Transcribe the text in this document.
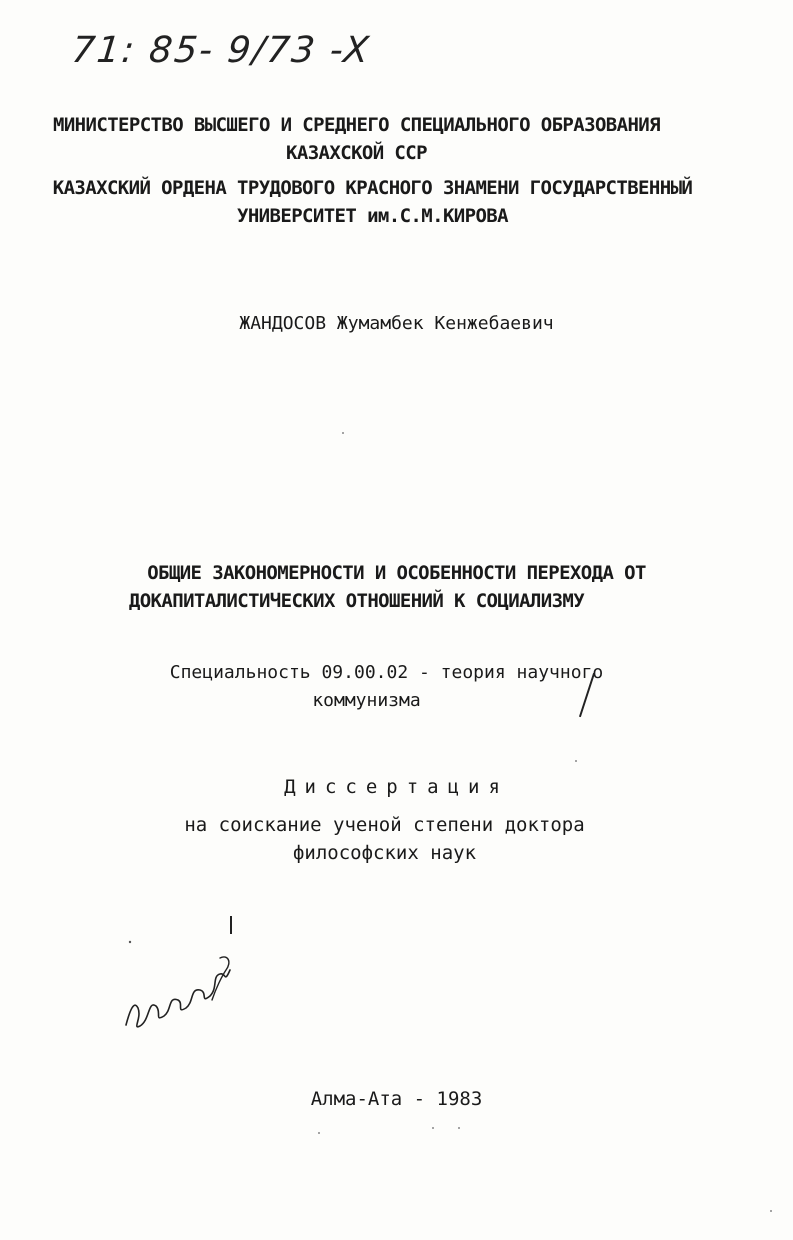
71: 85- 9/73 -X
МИНИСТЕРСТВО ВЫСШЕГО И СРЕДНЕГО СПЕЦИАЛЬНОГО ОБРАЗОВАНИЯ
КАЗАХСКОЙ ССР
КАЗАХСКИЙ ОРДЕНА ТРУДОВОГО КРАСНОГО ЗНАМЕНИ ГОСУДАРСТВЕННЫЙ
УНИВЕРСИТЕТ им.С.М.КИРОВА
ЖАНДОСОВ Жумамбек Кенжебаевич
ОБЩИЕ ЗАКОНОМЕРНОСТИ И ОСОБЕННОСТИ ПЕРЕХОДА ОТ
ДОКАПИТАЛИСТИЧЕСКИХ ОТНОШЕНИЙ К СОЦИАЛИЗМУ
Специальность 09.00.02 - теория научного
коммунизма
Диссертация
на соискание ученой степени доктора
философских наук
Алма-Ата - 1983
